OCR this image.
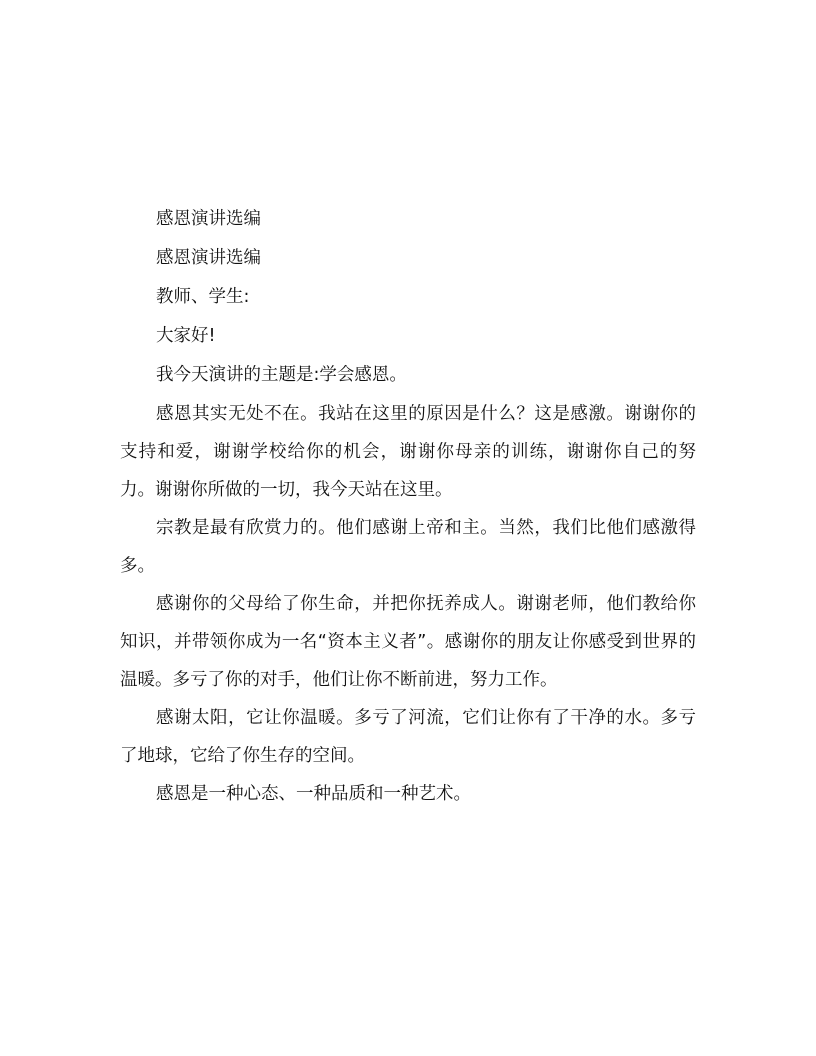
感恩演讲选编

感恩演讲选编

教师、学生:

大家好!

我今天演讲的主题是:学会感恩。

感恩其实无处不在。我站在这里的原因是什么？这是感激。谢谢你的支持和爱，谢谢学校给你的机会，谢谢你母亲的训练，谢谢你自己的努力。谢谢你所做的一切，我今天站在这里。

宗教是最有欣赏力的。他们感谢上帝和主。当然，我们比他们感激得多。

感谢你的父母给了你生命，并把你抚养成人。谢谢老师，他们教给你知识，并带领你成为一名“资本主义者”。感谢你的朋友让你感受到世界的温暖。多亏了你的对手，他们让你不断前进，努力工作。

感谢太阳，它让你温暖。多亏了河流，它们让你有了干净的水。多亏了地球，它给了你生存的空间。

感恩是一种心态、一种品质和一种艺术。
